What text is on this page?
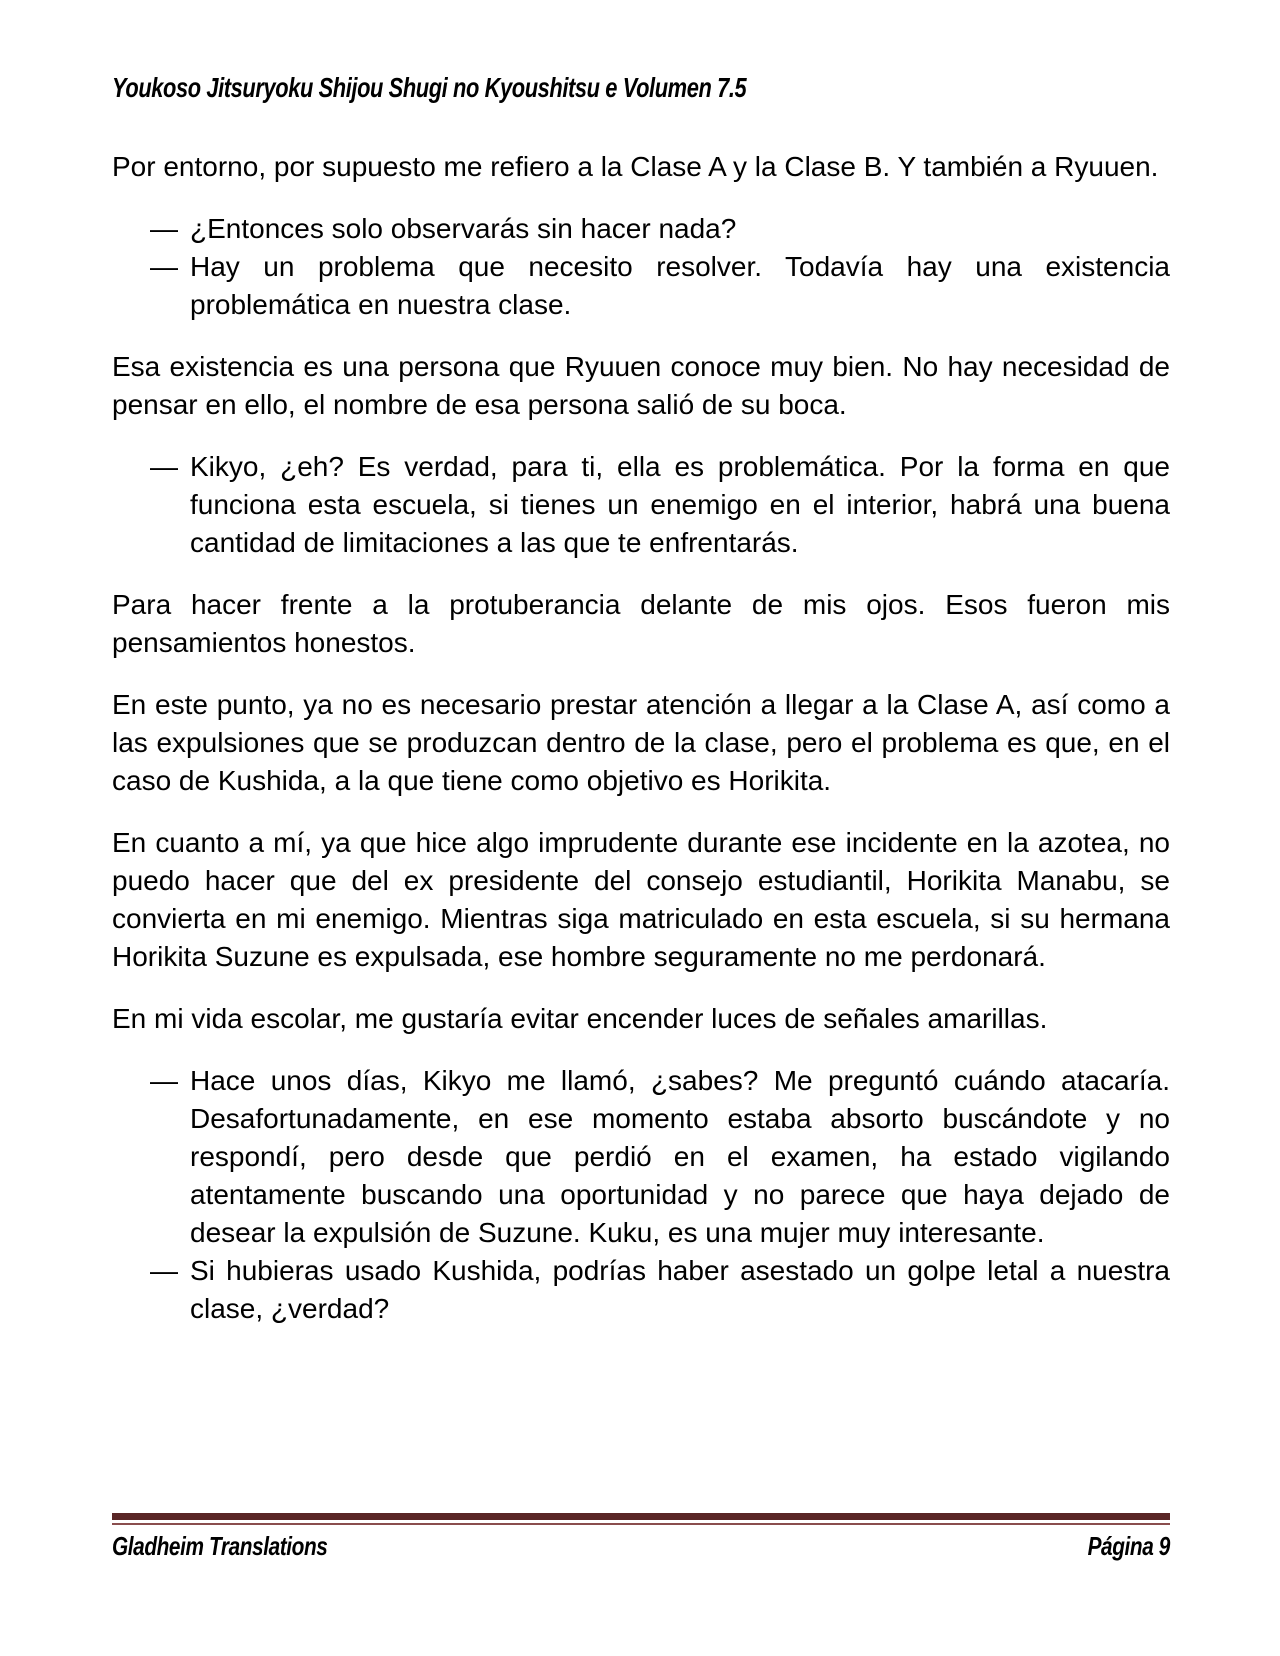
Youkoso Jitsuryoku Shijou Shugi no Kyoushitsu e Volumen 7.5

Por entorno, por supuesto me refiero a la Clase A y la Clase B. Y también a Ryuuen.

— ¿Entonces solo observarás sin hacer nada?
— Hay un problema que necesito resolver. Todavía hay una existencia problemática en nuestra clase.

Esa existencia es una persona que Ryuuen conoce muy bien. No hay necesidad de pensar en ello, el nombre de esa persona salió de su boca.

— Kikyo, ¿eh? Es verdad, para ti, ella es problemática. Por la forma en que funciona esta escuela, si tienes un enemigo en el interior, habrá una buena cantidad de limitaciones a las que te enfrentarás.

Para hacer frente a la protuberancia delante de mis ojos. Esos fueron mis pensamientos honestos.

En este punto, ya no es necesario prestar atención a llegar a la Clase A, así como a las expulsiones que se produzcan dentro de la clase, pero el problema es que, en el caso de Kushida, a la que tiene como objetivo es Horikita.

En cuanto a mí, ya que hice algo imprudente durante ese incidente en la azotea, no puedo hacer que del ex presidente del consejo estudiantil, Horikita Manabu, se convierta en mi enemigo. Mientras siga matriculado en esta escuela, si su hermana Horikita Suzune es expulsada, ese hombre seguramente no me perdonará.

En mi vida escolar, me gustaría evitar encender luces de señales amarillas.

— Hace unos días, Kikyo me llamó, ¿sabes? Me preguntó cuándo atacaría. Desafortunadamente, en ese momento estaba absorto buscándote y no respondí, pero desde que perdió en el examen, ha estado vigilando atentamente buscando una oportunidad y no parece que haya dejado de desear la expulsión de Suzune. Kuku, es una mujer muy interesante.
— Si hubieras usado Kushida, podrías haber asestado un golpe letal a nuestra clase, ¿verdad?
Gladheim Translations	Página 9
